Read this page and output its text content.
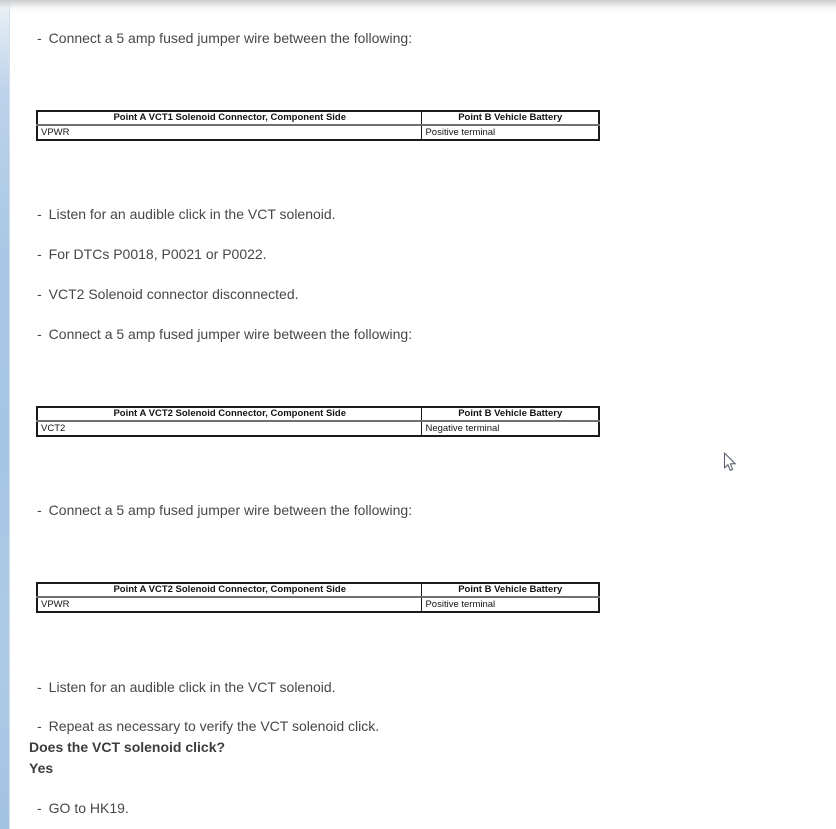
- Connect a 5 amp fused jumper wire between the following:
Point A VCT1 Solenoid Connector, Component Side	Point B Vehicle Battery
VPWR	Positive terminal
- Listen for an audible click in the VCT solenoid.
- For DTCs P0018, P0021 or P0022.
- VCT2 Solenoid connector disconnected.
- Connect a 5 amp fused jumper wire between the following:
Point A VCT2 Solenoid Connector, Component Side	Point B Vehicle Battery
VCT2	Negative terminal
- Connect a 5 amp fused jumper wire between the following:
Point A VCT2 Solenoid Connector, Component Side	Point B Vehicle Battery
VPWR	Positive terminal
- Listen for an audible click in the VCT solenoid.
- Repeat as necessary to verify the VCT solenoid click.
Does the VCT solenoid click?
Yes
- GO to HK19.
